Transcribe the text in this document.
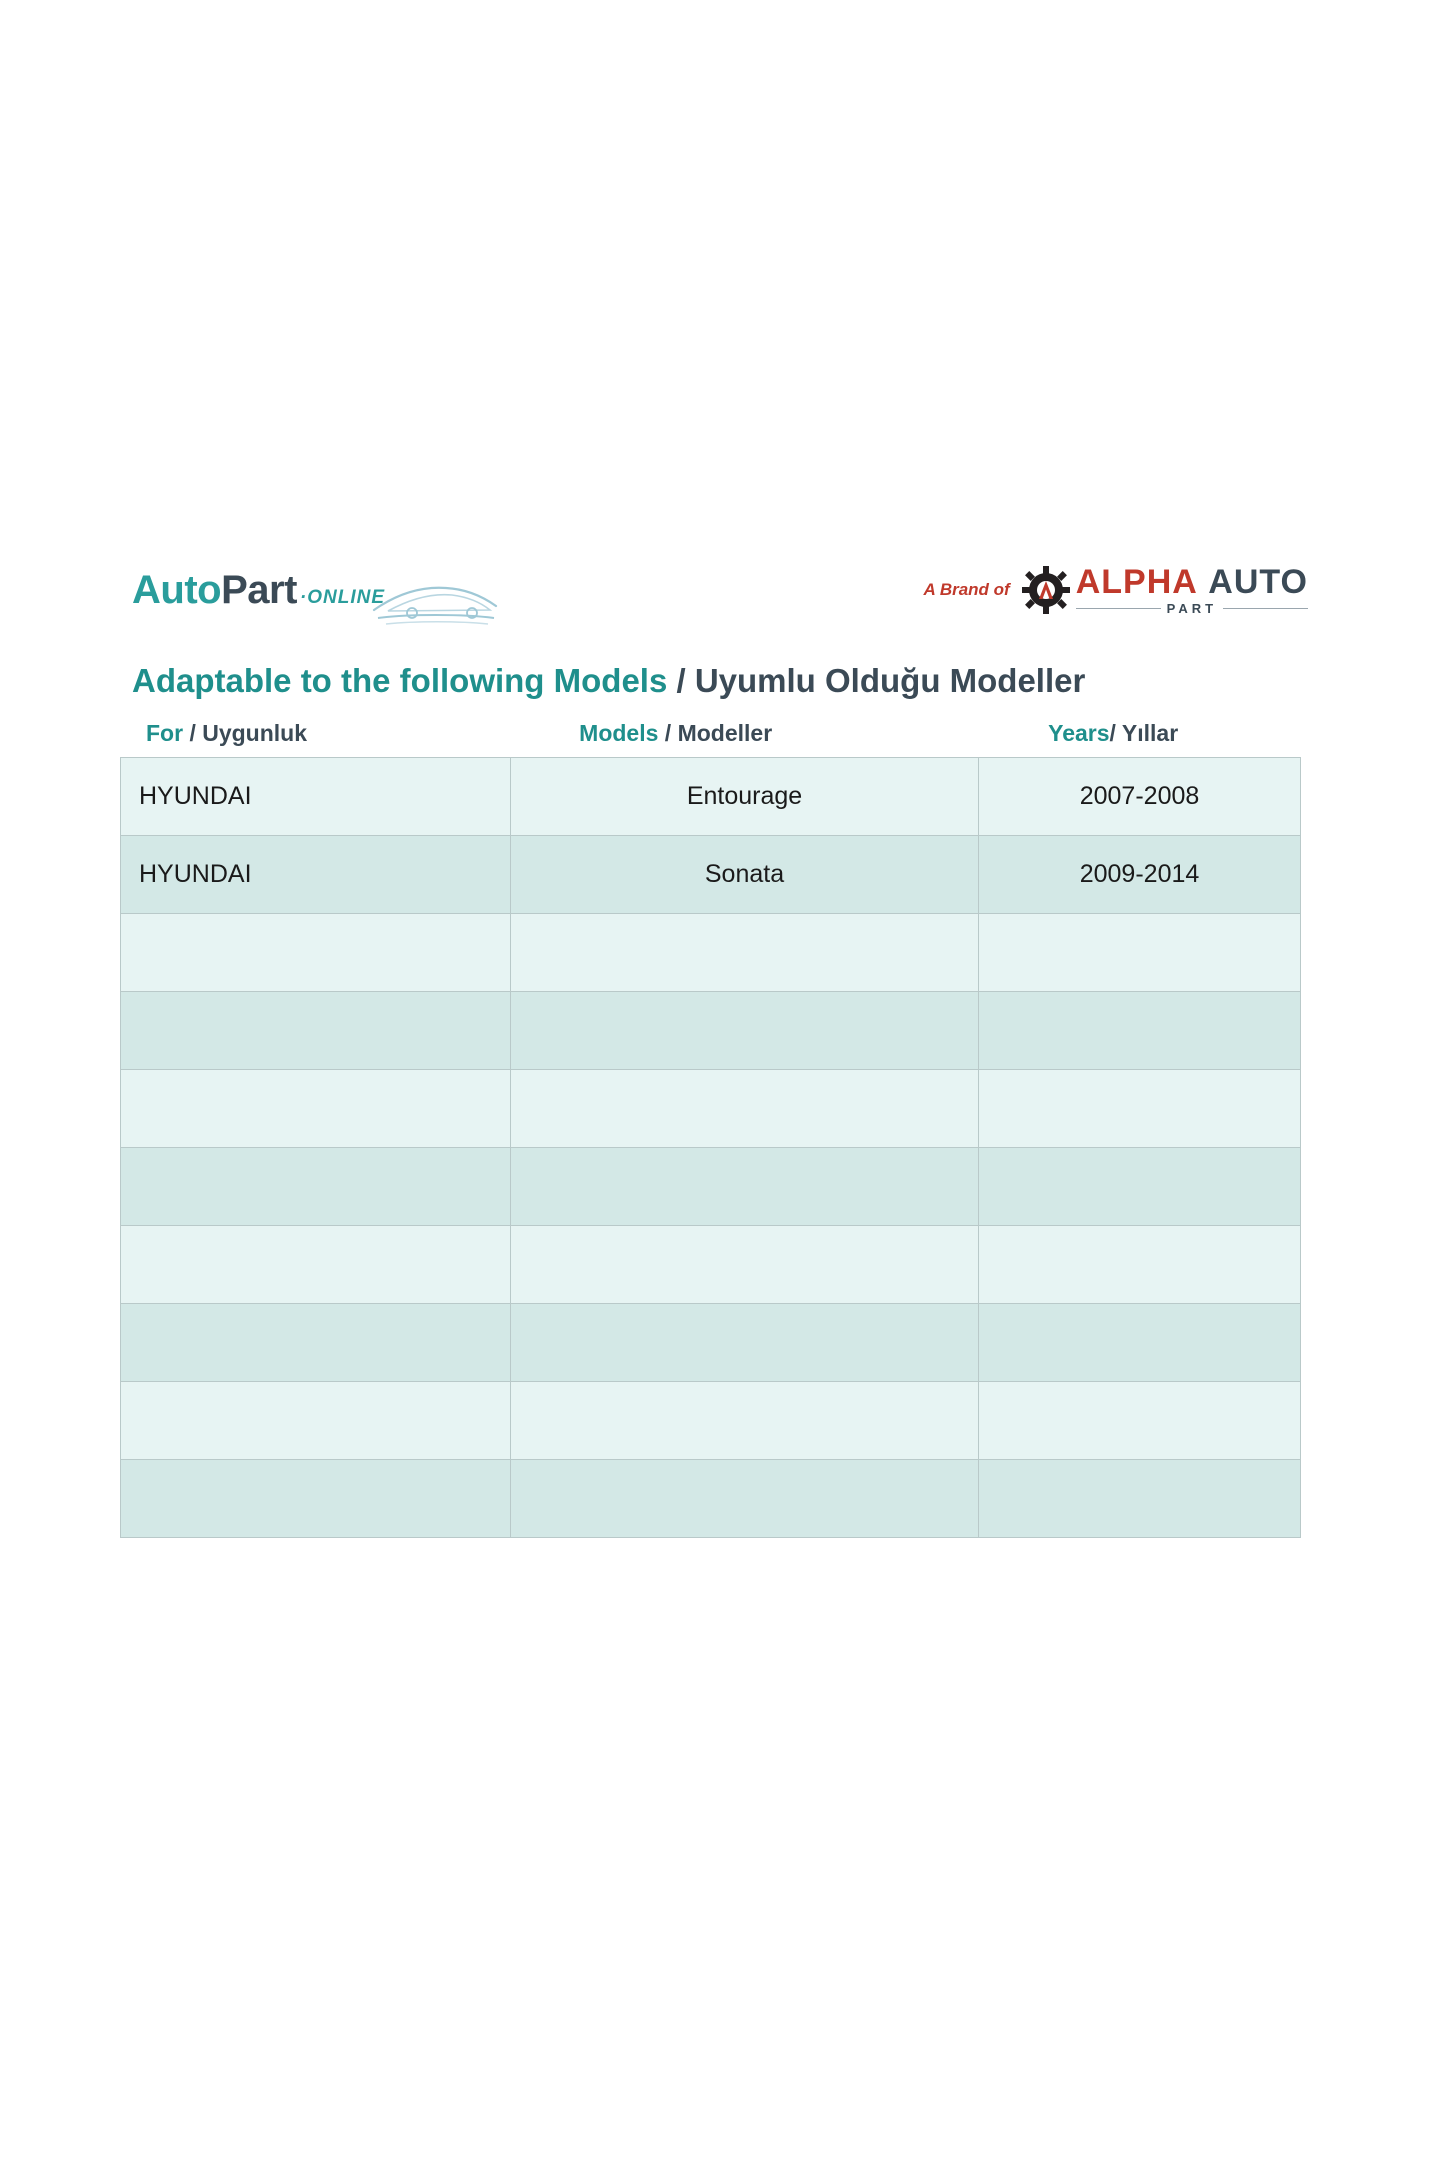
AutoPart ·ONLINE	A Brand of ALPHA AUTO
PART
Adaptable to the following Models / Uyumlu Olduğu Modeller
For / Uygunluk	Models / Modeller	Years/ Yıllar
HYUNDAI	Entourage	2007-2008
HYUNDAI	Sonata	2009-2014
